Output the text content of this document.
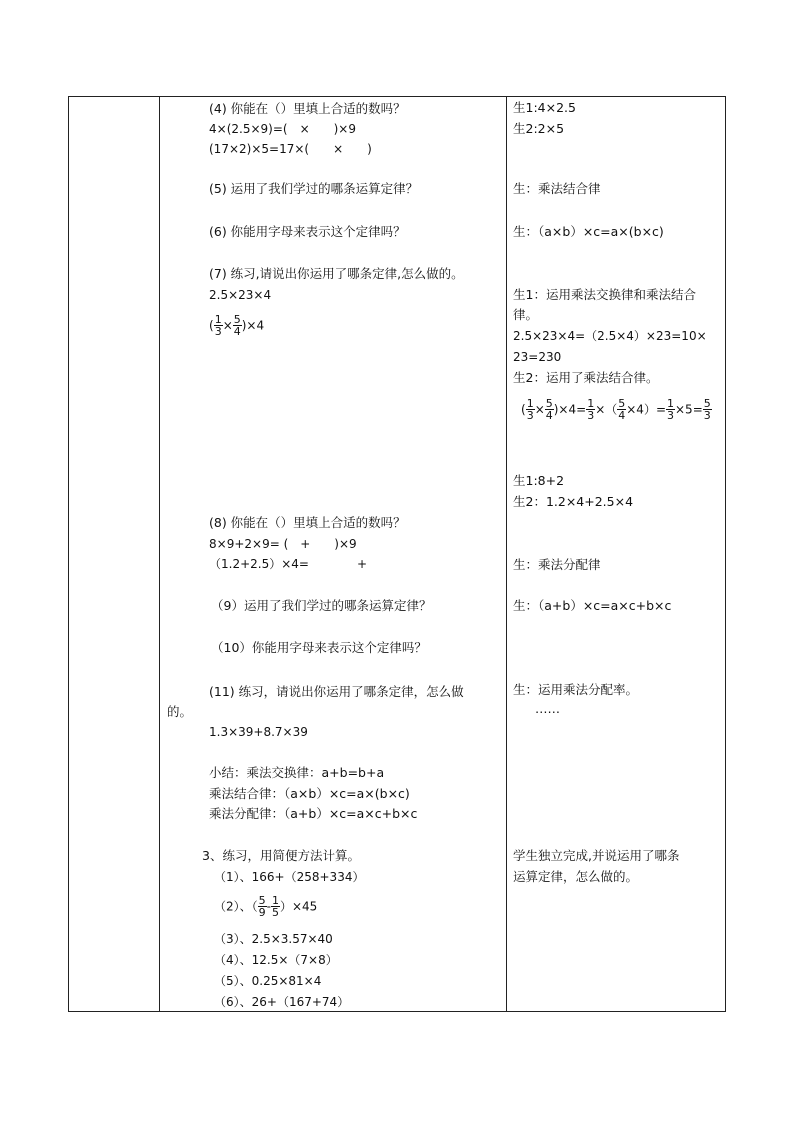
(4) 你能在（）里填上合适的数吗？
4×(2.5×9)=(　×　　)×9
(17×2)×5=17×(　　×　　)
(5) 运用了我们学过的哪条运算定律？
(6) 你能用字母来表示这个定律吗？
(7) 练习,请说出你运用了哪条定律,怎么做的。
2.5×23×4
( $\frac{1}{3} \times \frac{5}{4} )\times 4$
(8) 你能在（）里填上合适的数吗？
8×9+2×9= (　+　　)×9
（1.2+2.5）×4=　　　　+
（9）运用了我们学过的哪条运算定律？
（10）你能用字母来表示这个定律吗？
(11) 练习，请说出你运用了哪条定律，怎么做
的。
1.3×39+8.7×39
小结：乘法交换律：a+b=b+a
乘法结合律：（a×b）×c=a×(b×c)
乘法分配律：（a+b）×c=a×c+b×c
3、练习，用简便方法计算。
（1）、166+（258+334）
（2）、（ $\frac{5}{9} - \frac{1}{5} )\times 45$
（3）、2.5×3.57×40
（4）、12.5×（7×8）
（5）、0.25×81×4
（6）、26+（167+74）
生1:4×2.5
生2:2×5
生：乘法结合律
生：（a×b）×c=a×(b×c)
生1：运用乘法交换律和乘法结合
律。
2.5×23×4=（2.5×4）×23=10×
23=230
生2：运用了乘法结合律。
( $\frac{1}{3} \times \frac{5}{4} )\times 4= \frac{1}{3}$ ×（ $\frac{5}{4} \times 4)= \frac{1}{3} \times 5= \frac{5}{3}$
生1:8+2
生2：1.2×4+2.5×4
生：乘法分配律
生：（a+b）×c=a×c+b×c
生：运用乘法分配率。
……
学生独立完成,并说运用了哪条
运算定律，怎么做的。
